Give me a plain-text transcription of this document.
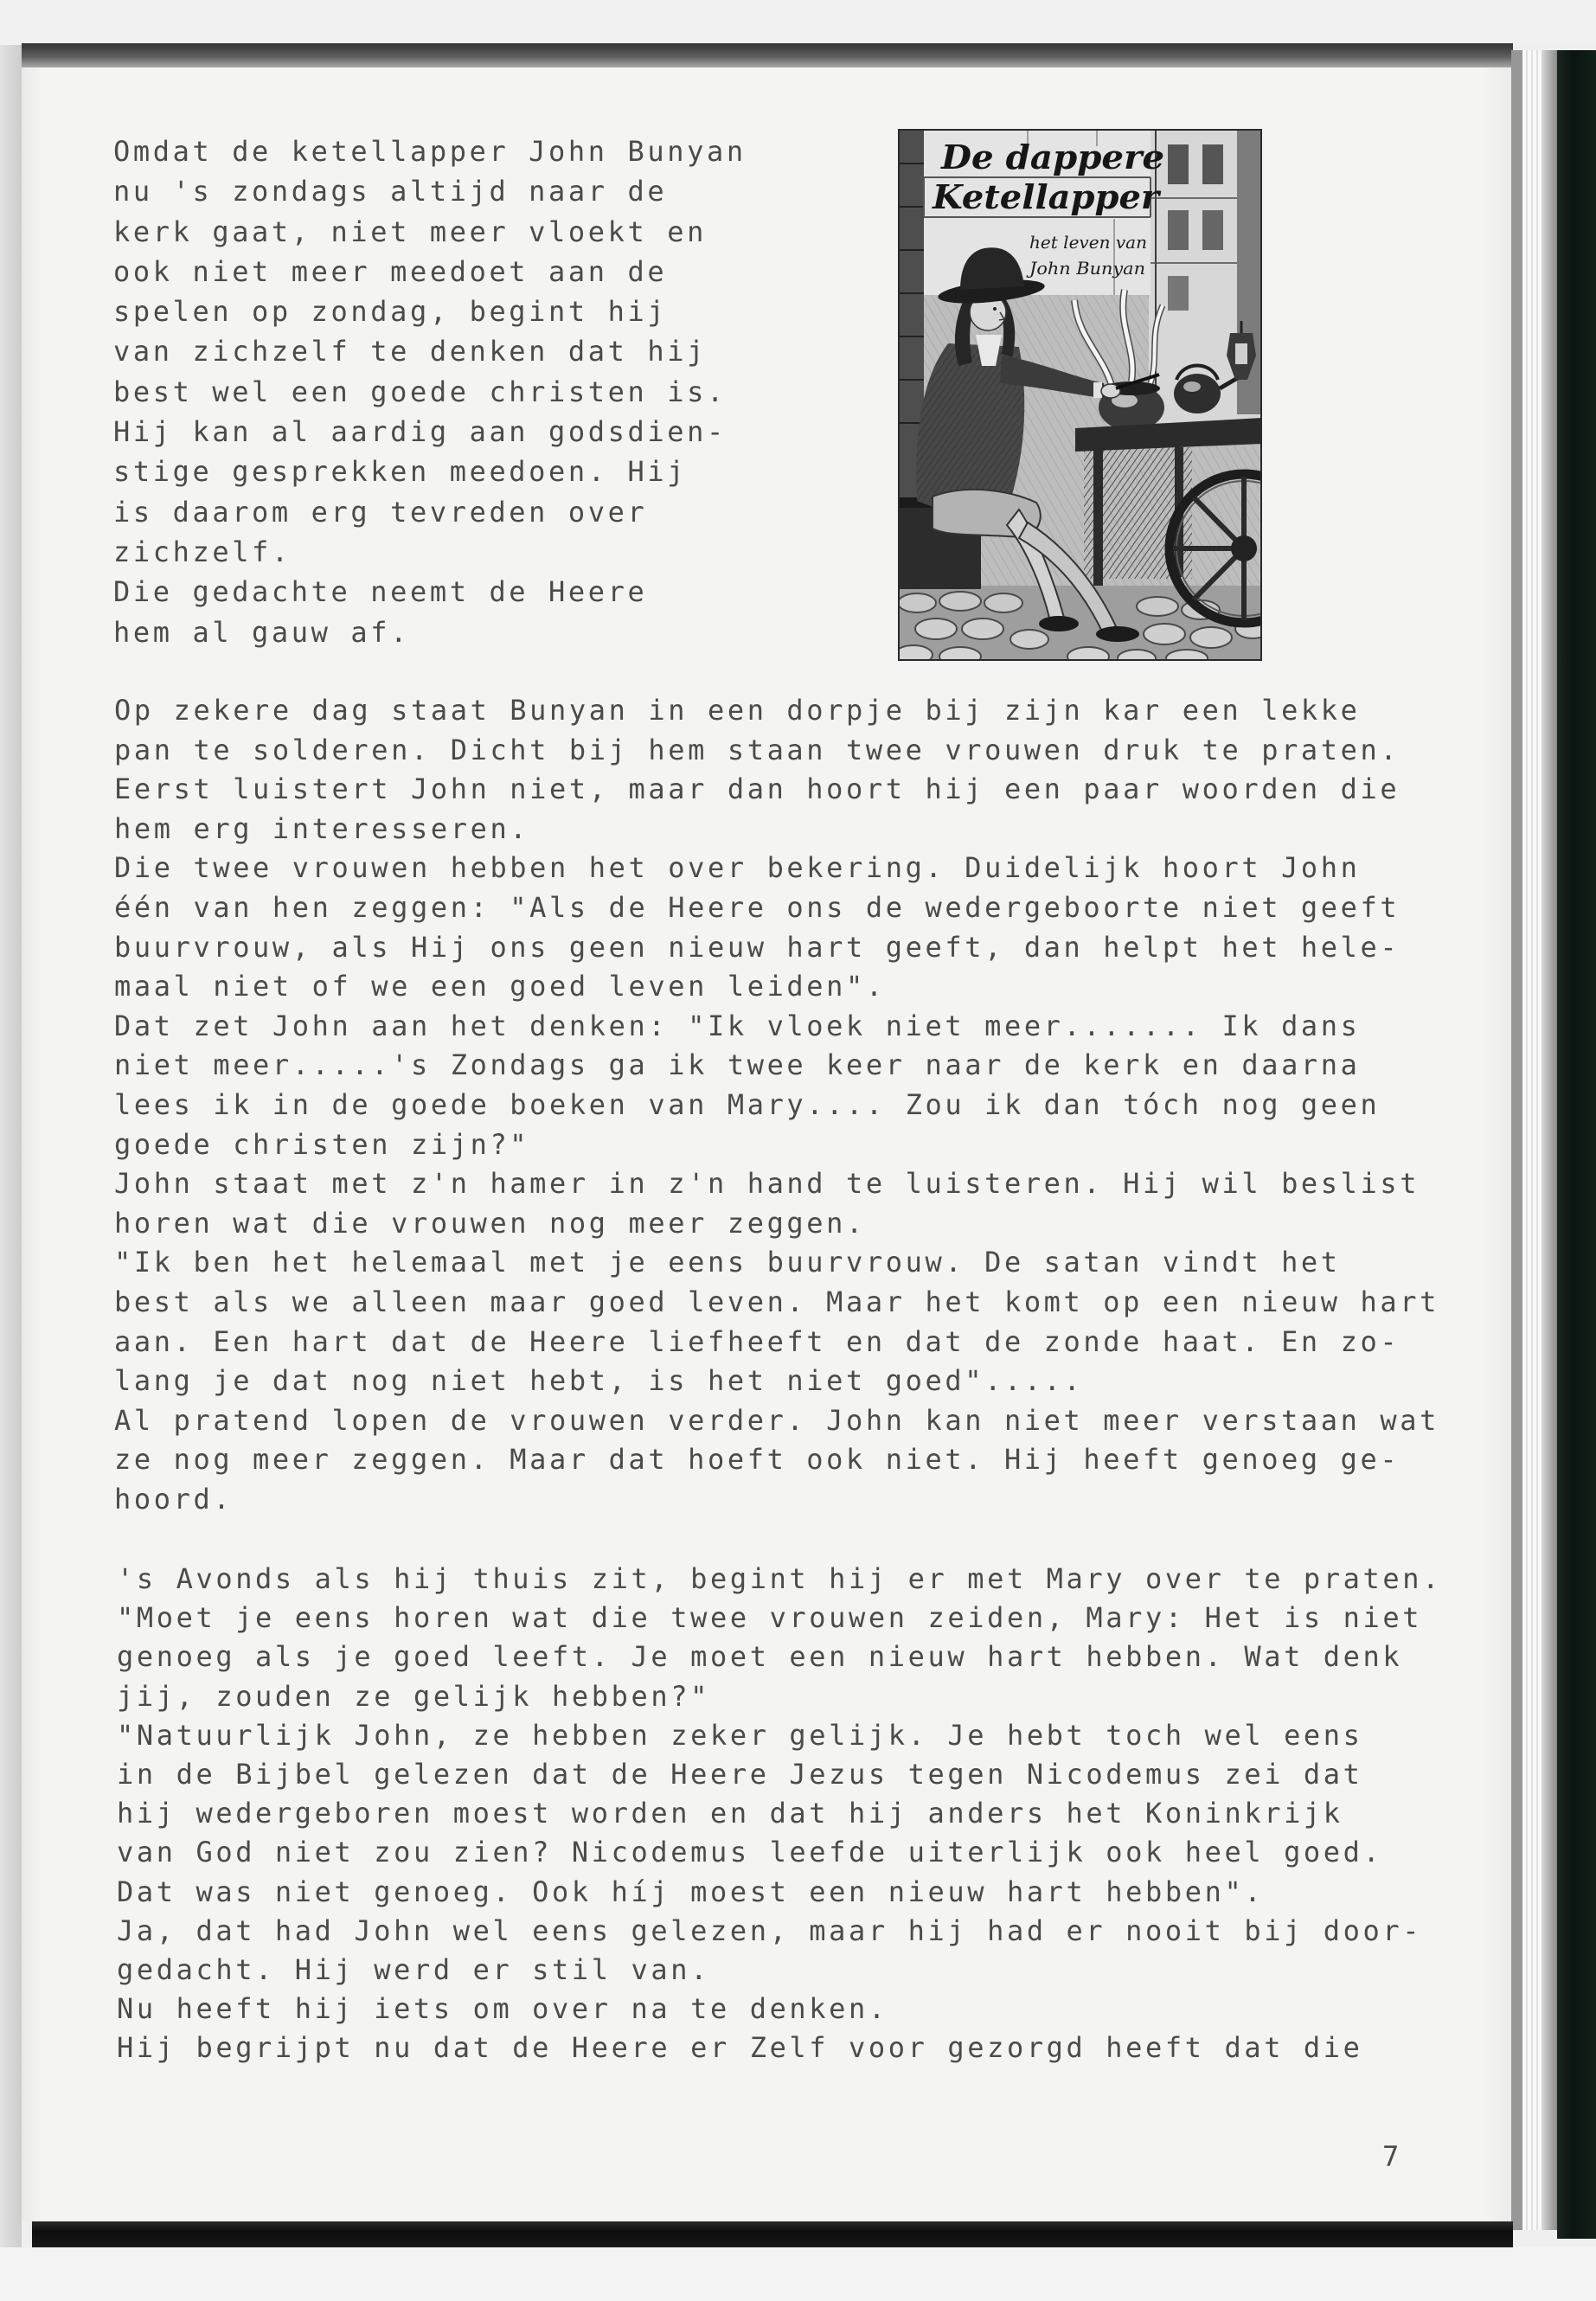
Omdat de ketellapper John Bunyan
nu 's zondags altijd naar de
kerk gaat, niet meer vloekt en
ook niet meer meedoet aan de
spelen op zondag, begint hij
van zichzelf te denken dat hij
best wel een goede christen is.
Hij kan al aardig aan godsdien-
stige gesprekken meedoen. Hij
is daarom erg tevreden over
zichzelf.
Die gedachte neemt de Heere
hem al gauw af.
Op zekere dag staat Bunyan in een dorpje bij zijn kar een lekke
pan te solderen. Dicht bij hem staan twee vrouwen druk te praten.
Eerst luistert John niet, maar dan hoort hij een paar woorden die
hem erg interesseren.
Die twee vrouwen hebben het over bekering. Duidelijk hoort John
één van hen zeggen: "Als de Heere ons de wedergeboorte niet geeft
buurvrouw, als Hij ons geen nieuw hart geeft, dan helpt het hele-
maal niet of we een goed leven leiden".
Dat zet John aan het denken: "Ik vloek niet meer....... Ik dans
niet meer.....'s Zondags ga ik twee keer naar de kerk en daarna
lees ik in de goede boeken van Mary.... Zou ik dan tóch nog geen
goede christen zijn?"
John staat met z'n hamer in z'n hand te luisteren. Hij wil beslist
horen wat die vrouwen nog meer zeggen.
"Ik ben het helemaal met je eens buurvrouw. De satan vindt het
best als we alleen maar goed leven. Maar het komt op een nieuw hart
aan. Een hart dat de Heere liefheeft en dat de zonde haat. En zo-
lang je dat nog niet hebt, is het niet goed".....
Al pratend lopen de vrouwen verder. John kan niet meer verstaan wat
ze nog meer zeggen. Maar dat hoeft ook niet. Hij heeft genoeg ge-
hoord.
's Avonds als hij thuis zit, begint hij er met Mary over te praten.
"Moet je eens horen wat die twee vrouwen zeiden, Mary: Het is niet
genoeg als je goed leeft. Je moet een nieuw hart hebben. Wat denk
jij, zouden ze gelijk hebben?"
"Natuurlijk John, ze hebben zeker gelijk. Je hebt toch wel eens
in de Bijbel gelezen dat de Heere Jezus tegen Nicodemus zei dat
hij wedergeboren moest worden en dat hij anders het Koninkrijk
van God niet zou zien? Nicodemus leefde uiterlijk ook heel goed.
Dat was niet genoeg. Ook híj moest een nieuw hart hebben".
Ja, dat had John wel eens gelezen, maar hij had er nooit bij door-
gedacht. Hij werd er stil van.
Nu heeft hij iets om over na te denken.
Hij begrijpt nu dat de Heere er Zelf voor gezorgd heeft dat die
7
De dappere
Ketellapper
het leven van
John Bunyan
